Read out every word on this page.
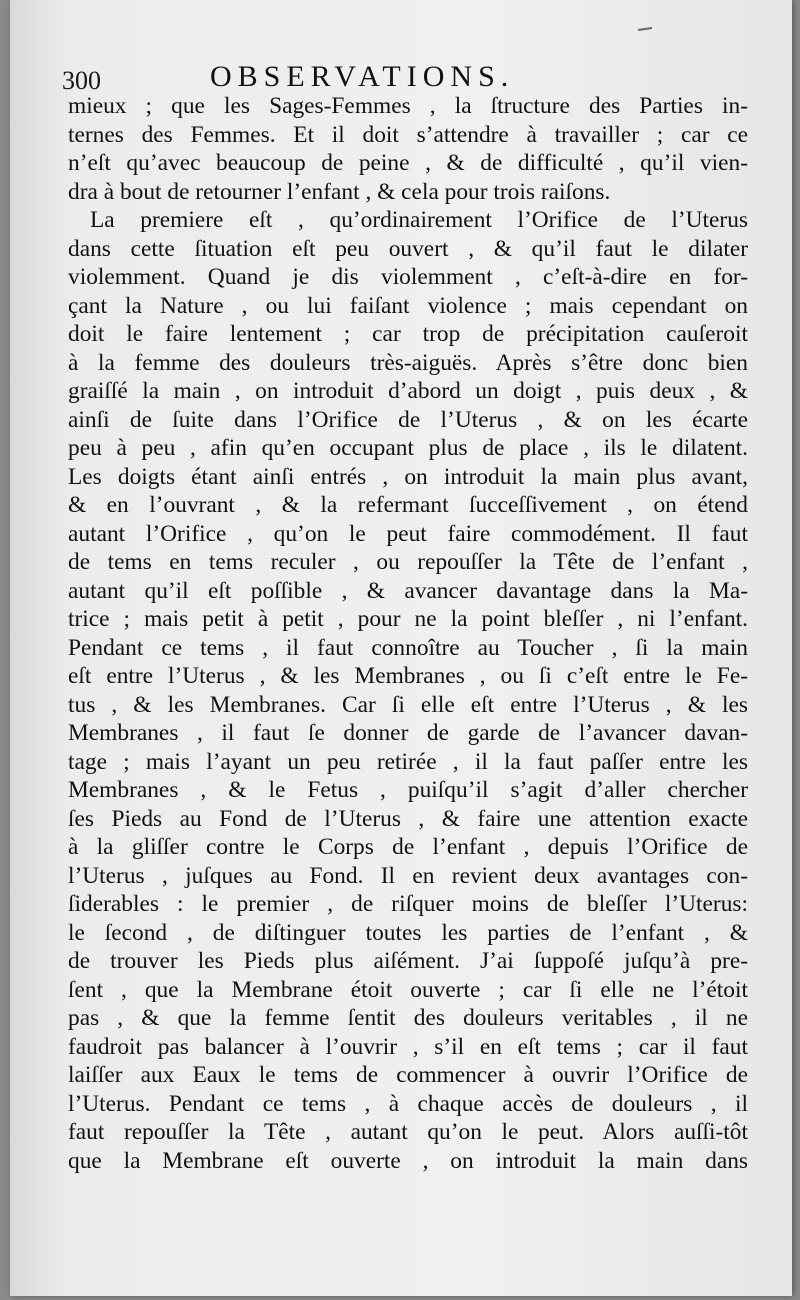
300	OBSERVATIONS.

mieux ; que les Sages-Femmes , la ſtructure des Parties in-
ternes des Femmes. Et il doit s’attendre à travailler ; car ce
n’eſt qu’avec beaucoup de peine , & de difficulté , qu’il vien-
dra à bout de retourner l’enfant , & cela pour trois raiſons.

La premiere eſt , qu’ordinairement l’Orifice de l’Uterus
dans cette ſituation eſt peu ouvert , & qu’il faut le dilater
violemment. Quand je dis violemment , c’eſt-à-dire en for-
çant la Nature , ou lui faiſant violence ; mais cependant on
doit le faire lentement ; car trop de précipitation cauſeroit
à la femme des douleurs très-aiguës. Après s’être donc bien
graiſſé la main , on introduit d’abord un doigt , puis deux , &
ainſi de ſuite dans l’Orifice de l’Uterus , & on les écarte
peu à peu , afin qu’en occupant plus de place , ils le dilatent.
Les doigts étant ainſi entrés , on introduit la main plus avant,
& en l’ouvrant , & la refermant ſucceſſivement , on étend
autant l’Orifice , qu’on le peut faire commodément. Il faut
de tems en tems reculer , ou repouſſer la Tête de l’enfant ,
autant qu’il eſt poſſible , & avancer davantage dans la Ma-
trice ; mais petit à petit , pour ne la point bleſſer , ni l’enfant.
Pendant ce tems , il faut connoître au Toucher , ſi la main
eſt entre l’Uterus , & les Membranes , ou ſi c’eſt entre le Fe-
tus , & les Membranes. Car ſi elle eſt entre l’Uterus , & les
Membranes , il faut ſe donner de garde de l’avancer davan-
tage ; mais l’ayant un peu retirée , il la faut paſſer entre les
Membranes , & le Fetus , puiſqu’il s’agit d’aller chercher
ſes Pieds au Fond de l’Uterus , & faire une attention exacte
à la gliſſer contre le Corps de l’enfant , depuis l’Orifice de
l’Uterus , juſques au Fond. Il en revient deux avantages con-
ſiderables : le premier , de riſquer moins de bleſſer l’Uterus:
le ſecond , de diſtinguer toutes les parties de l’enfant , &
de trouver les Pieds plus aiſément. J’ai ſuppoſé juſqu’à pre-
ſent , que la Membrane étoit ouverte ; car ſi elle ne l’étoit
pas , & que la femme ſentit des douleurs veritables , il ne
faudroit pas balancer à l’ouvrir , s’il en eſt tems ; car il faut
laiſſer aux Eaux le tems de commencer à ouvrir l’Orifice de
l’Uterus. Pendant ce tems , à chaque accès de douleurs , il
faut repouſſer la Tête , autant qu’on le peut. Alors auſſi-tôt
que la Membrane eſt ouverte , on introduit la main dans
